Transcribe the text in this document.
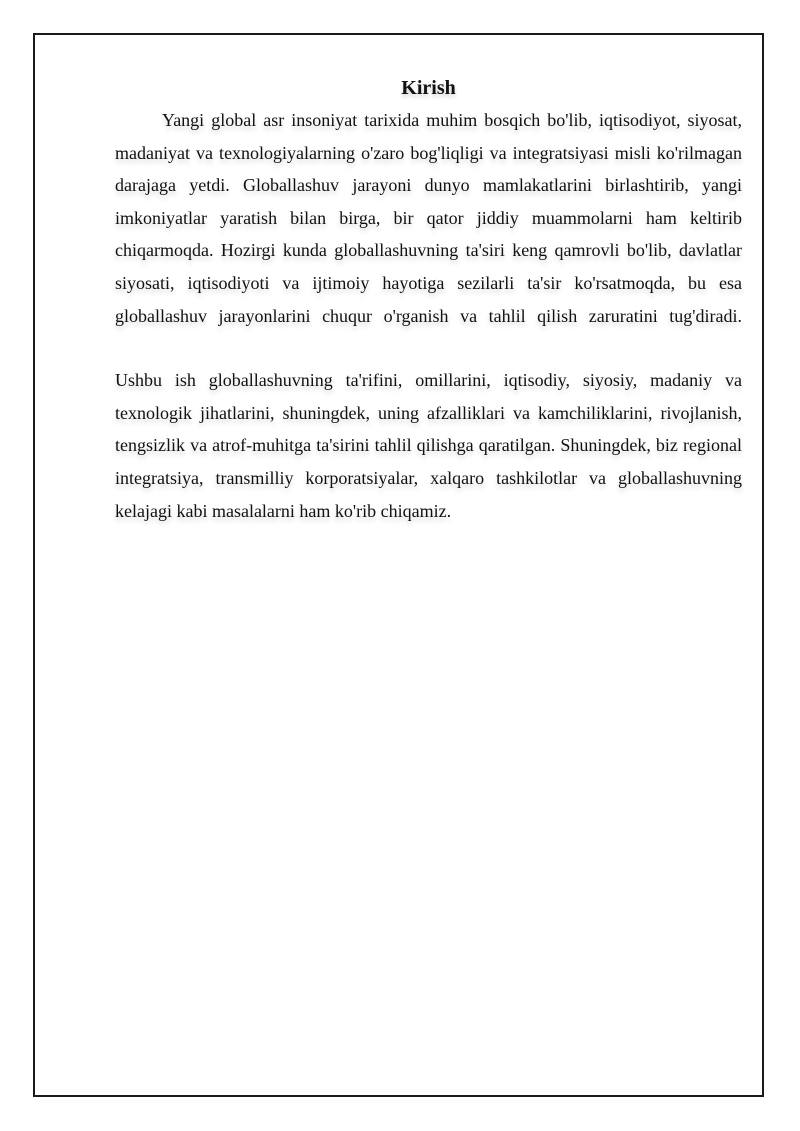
Kirish

Yangi global asr insoniyat tarixida muhim bosqich bo'lib, iqtisodiyot, siyosat, madaniyat va texnologiyalarning o'zaro bog'liqligi va integratsiyasi misli ko'rilmagan darajaga yetdi. Globallashuv jarayoni dunyo mamlakatlarini birlashtirib, yangi imkoniyatlar yaratish bilan birga, bir qator jiddiy muammolarni ham keltirib chiqarmoqda. Hozirgi kunda globallashuvning ta'siri keng qamrovli bo'lib, davlatlar siyosati, iqtisodiyoti va ijtimoiy hayotiga sezilarli ta'sir ko'rsatmoqda, bu esa globallashuv jarayonlarini chuqur o'rganish va tahlil qilish zaruratini tug'diradi.

Ushbu ish globallashuvning ta'rifini, omillarini, iqtisodiy, siyosiy, madaniy va texnologik jihatlarini, shuningdek, uning afzalliklari va kamchiliklarini, rivojlanish, tengsizlik va atrof-muhitga ta'sirini tahlil qilishga qaratilgan. Shuningdek, biz regional integratsiya, transmilliy korporatsiyalar, xalqaro tashkilotlar va globallashuvning kelajagi kabi masalalarni ham ko'rib chiqamiz.
